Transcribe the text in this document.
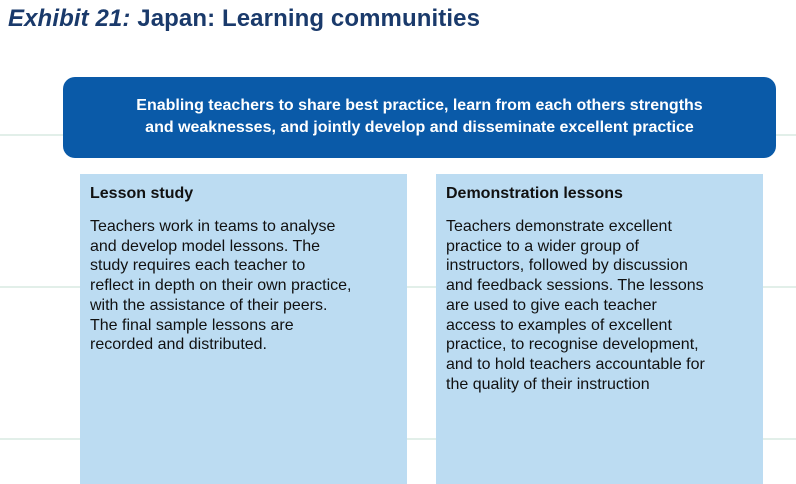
Exhibit 21: Japan: Learning communities
Enabling teachers to share best practice, learn from each others strengths
and weaknesses, and jointly develop and disseminate excellent practice
Lesson study
Teachers work in teams to analyse
and develop model lessons. The
study requires each teacher to
reflect in depth on their own practice,
with the assistance of their peers.
The final sample lessons are
recorded and distributed.
Demonstration lessons
Teachers demonstrate excellent
practice to a wider group of
instructors, followed by discussion
and feedback sessions. The lessons
are used to give each teacher
access to examples of excellent
practice, to recognise development,
and to hold teachers accountable for
the quality of their instruction
